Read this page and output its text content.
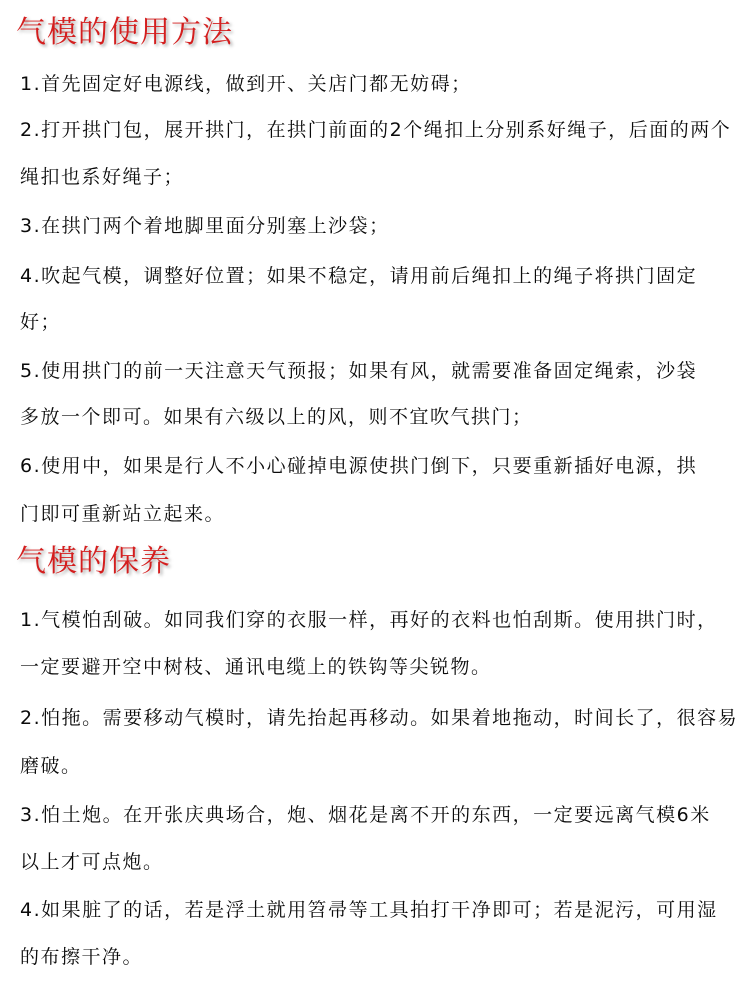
气模的使用方法
1.首先固定好电源线，做到开、关店门都无妨碍；
2.打开拱门包，展开拱门，在拱门前面的2个绳扣上分别系好绳子，后面的两个
绳扣也系好绳子；
3.在拱门两个着地脚里面分别塞上沙袋；
4.吹起气模，调整好位置；如果不稳定，请用前后绳扣上的绳子将拱门固定
好；
5.使用拱门的前一天注意天气预报；如果有风，就需要准备固定绳索，沙袋
多放一个即可。如果有六级以上的风，则不宜吹气拱门；
6.使用中，如果是行人不小心碰掉电源使拱门倒下，只要重新插好电源，拱
门即可重新站立起来。
气模的保养
1.气模怕刮破。如同我们穿的衣服一样，再好的衣料也怕刮斯。使用拱门时，
一定要避开空中树枝、通讯电缆上的铁钩等尖锐物。
2.怕拖。需要移动气模时，请先抬起再移动。如果着地拖动，时间长了，很容易
磨破。
3.怕土炮。在开张庆典场合，炮、烟花是离不开的东西，一定要远离气模6米
以上才可点炮。
4.如果脏了的话，若是浮土就用笤帚等工具拍打干净即可；若是泥污，可用湿
的布擦干净。
